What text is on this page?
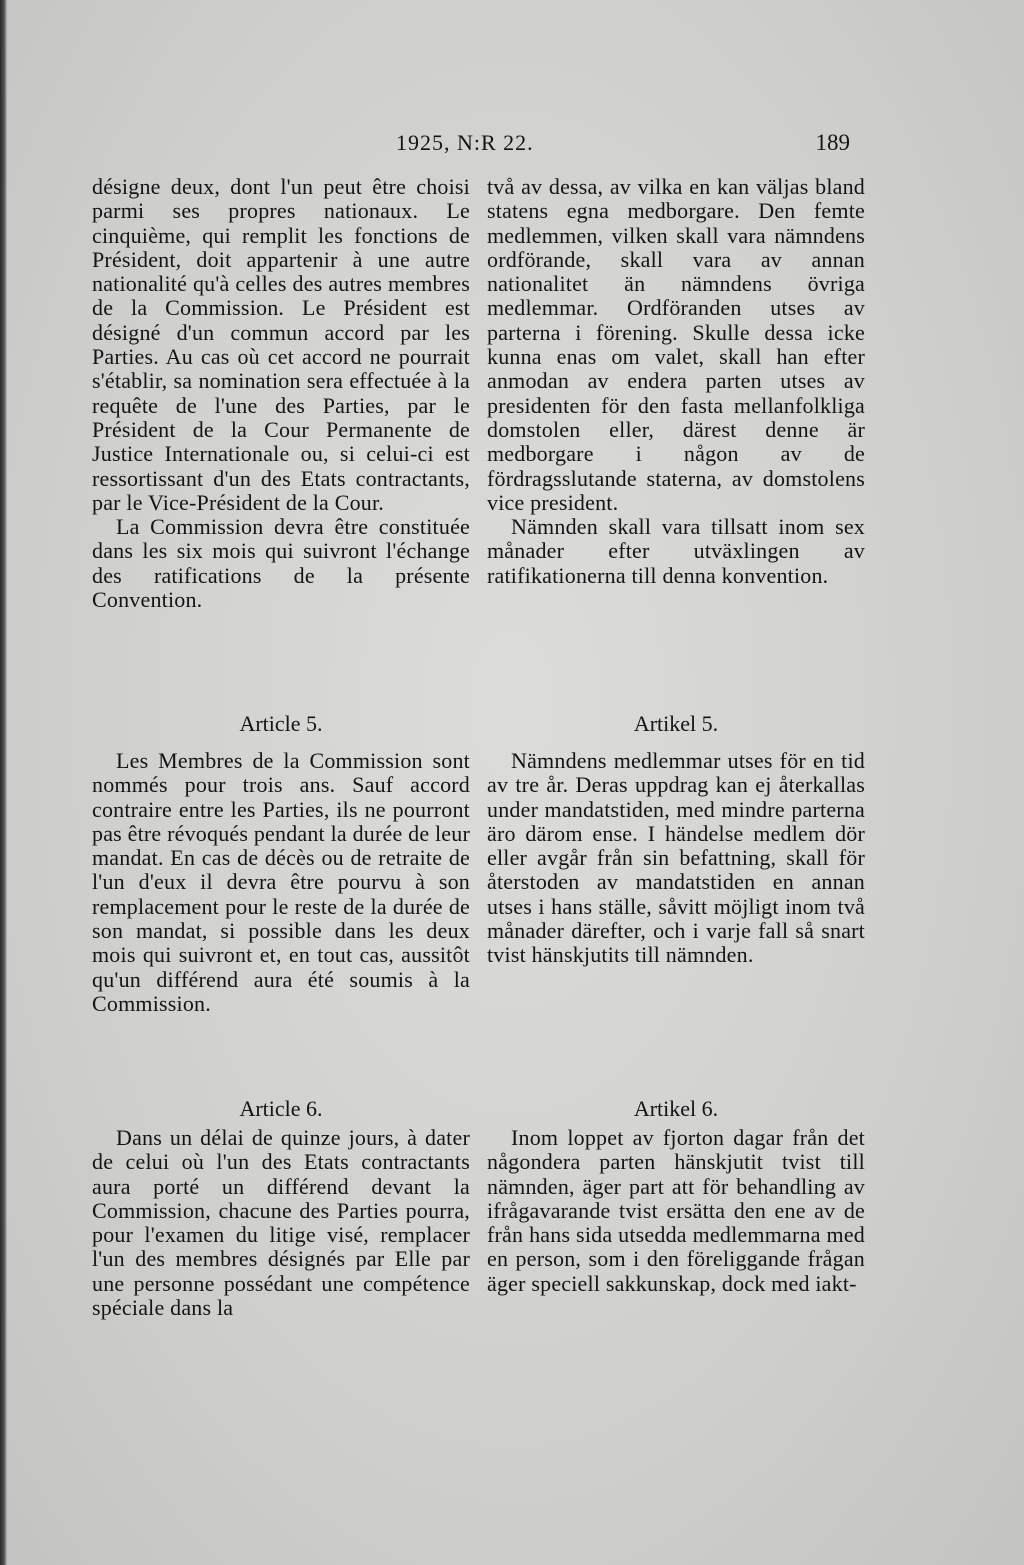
1925, N:R 22.	189

désigne deux, dont l'un peut être choisi parmi ses propres nationaux. Le cinquième, qui remplit les fonctions de Président, doit appartenir à une autre nationalité qu'à celles des autres membres de la Commission. Le Président est désigné d'un commun accord par les Parties. Au cas où cet accord ne pourrait s'établir, sa nomination sera effectuée à la requête de l'une des Parties, par le Président de la Cour Permanente de Justice Internationale ou, si celui-ci est ressortissant d'un des Etats contractants, par le Vice-Président de la Cour.

La Commission devra être constituée dans les six mois qui suivront l'échange des ratifications de la présente Convention.

två av dessa, av vilka en kan väljas bland statens egna medborgare. Den femte medlemmen, vilken skall vara nämndens ordförande, skall vara av annan nationalitet än nämndens övriga medlemmar. Ordföranden utses av parterna i förening. Skulle dessa icke kunna enas om valet, skall han efter anmodan av endera parten utses av presidenten för den fasta mellanfolkliga domstolen eller, därest denne är medborgare i någon av de fördragsslutande staterna, av domstolens vice president.

Nämnden skall vara tillsatt inom sex månader efter utväxlingen av ratifikationerna till denna konvention.

Article 5.	Artikel 5.

Les Membres de la Commission sont nommés pour trois ans. Sauf accord contraire entre les Parties, ils ne pourront pas être révoqués pendant la durée de leur mandat. En cas de décès ou de retraite de l'un d'eux il devra être pourvu à son remplacement pour le reste de la durée de son mandat, si possible dans les deux mois qui suivront et, en tout cas, aussitôt qu'un différend aura été soumis à la Commission.

Nämndens medlemmar utses för en tid av tre år. Deras uppdrag kan ej återkallas under mandatstiden, med mindre parterna äro därom ense. I händelse medlem dör eller avgår från sin befattning, skall för återstoden av mandatstiden en annan utses i hans ställe, såvitt möjligt inom två månader därefter, och i varje fall så snart tvist hänskjutits till nämnden.

Article 6.	Artikel 6.

Dans un délai de quinze jours, à dater de celui où l'un des Etats contractants aura porté un différend devant la Commission, chacune des Parties pourra, pour l'examen du litige visé, remplacer l'un des membres désignés par Elle par une personne possédant une compétence spéciale dans la

Inom loppet av fjorton dagar från det någondera parten hänskjutit tvist till nämnden, äger part att för behandling av ifrågavarande tvist ersätta den ene av de från hans sida utsedda medlemmarna med en person, som i den föreliggande frågan äger speciell sakkunskap, dock med iakt-
